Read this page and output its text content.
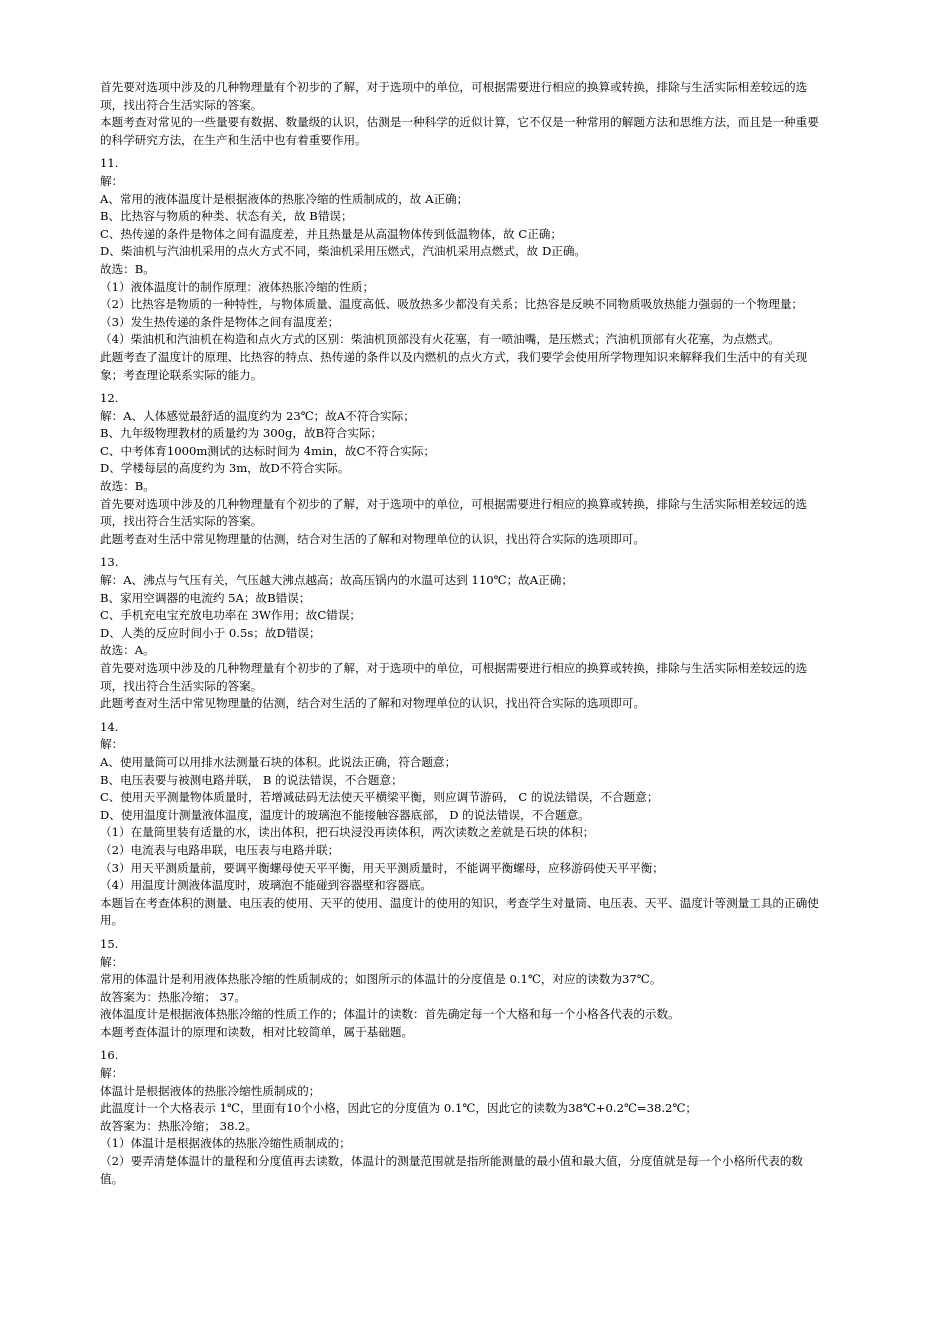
首先要对选项中涉及的几种物理量有个初步的了解，对于选项中的单位，可根据需要进行相应的换算或转换，排除与生活实际相差较远的选项，找出符合生活实际的答案。
本题考查对常见的一些量要有数据、数量级的认识，估测是一种科学的近似计算，它不仅是一种常用的解题方法和思维方法，而且是一种重要的科学研究方法，在生产和生活中也有着重要作用。
11.
解：
A、常用的液体温度计是根据液体的热胀冷缩的性质制成的，故 A正确；
B、比热容与物质的种类、状态有关，故 B错误；
C、热传递的条件是物体之间有温度差，并且热量是从高温物体传到低温物体，故 C正确；
D、柴油机与汽油机采用的点火方式不同，柴油机采用压燃式，汽油机采用点燃式，故 D正确。
故选：B。
（1）液体温度计的制作原理：液体热胀冷缩的性质；
（2）比热容是物质的一种特性，与物体质量、温度高低、吸放热多少都没有关系；比热容是反映不同物质吸放热能力强弱的一个物理量；
（3）发生热传递的条件是物体之间有温度差；
（4）柴油机和汽油机在构造和点火方式的区别：柴油机顶部没有火花塞，有一喷油嘴，是压燃式；汽油机顶部有火花塞，为点燃式。
此题考查了温度计的原理、比热容的特点、热传递的条件以及内燃机的点火方式，我们要学会使用所学物理知识来解释我们生活中的有关现象；考查理论联系实际的能力。
12.
解：A、人体感觉最舒适的温度约为 23℃；故A不符合实际；
B、九年级物理教材的质量约为 300g，故B符合实际；
C、中考体育1000m测试的达标时间为 4min，故C不符合实际；
D、学楼每层的高度约为 3m，故D不符合实际。
故选：B。
首先要对选项中涉及的几种物理量有个初步的了解，对于选项中的单位，可根据需要进行相应的换算或转换，排除与生活实际相差较远的选项，找出符合生活实际的答案。
此题考查对生活中常见物理量的估测，结合对生活的了解和对物理单位的认识，找出符合实际的选项即可。
13.
解：A、沸点与气压有关，气压越大沸点越高；故高压锅内的水温可达到 110℃；故A正确；
B、家用空调器的电流约 5A；故B错误；
C、手机充电宝充放电功率在 3W作用；故C错误；
D、人类的反应时间小于 0.5s；故D错误；
故选：A。
首先要对选项中涉及的几种物理量有个初步的了解，对于选项中的单位，可根据需要进行相应的换算或转换，排除与生活实际相差较远的选项，找出符合生活实际的答案。
此题考查对生活中常见物理量的估测，结合对生活的了解和对物理单位的认识，找出符合实际的选项即可。
14.
解：
A、使用量筒可以用排水法测量石块的体积。此说法正确，符合题意；
B、电压表要与被测电路并联， B 的说法错误，不合题意；
C、使用天平测量物体质量时，若增减砝码无法使天平横梁平衡，则应调节游码， C 的说法错误，不合题意；
D、使用温度计测量液体温度，温度计的玻璃泡不能接触容器底部， D 的说法错误，不合题意。
（1）在量筒里装有适量的水，读出体积，把石块浸没再读体积，两次读数之差就是石块的体积；
（2）电流表与电路串联，电压表与电路并联；
（3）用天平测质量前，要调平衡螺母使天平平衡，用天平测质量时，不能调平衡螺母，应移游码使天平平衡；
（4）用温度计测液体温度时，玻璃泡不能碰到容器壁和容器底。
本题旨在考查体积的测量、电压表的使用、天平的使用、温度计的使用的知识，考查学生对量筒、电压表、天平、温度计等测量工具的正确使用。
15.
解：
常用的体温计是利用液体热胀冷缩的性质制成的；如图所示的体温计的分度值是 0.1℃，对应的读数为37℃。
故答案为：热胀冷缩； 37。
液体温度计是根据液体热胀冷缩的性质工作的；体温计的读数：首先确定每一个大格和每一个小格各代表的示数。
本题考查体温计的原理和读数，相对比较简单，属于基础题。
16.
解：
体温计是根据液体的热胀冷缩性质制成的；
此温度计一个大格表示 1℃，里面有10个小格，因此它的分度值为 0.1℃，因此它的读数为38℃+0.2℃=38.2℃；
故答案为：热胀冷缩； 38.2。
（1）体温计是根据液体的热胀冷缩性质制成的；
（2）要弄清楚体温计的量程和分度值再去读数，体温计的测量范围就是指所能测量的最小值和最大值，分度值就是每一个小格所代表的数值。
